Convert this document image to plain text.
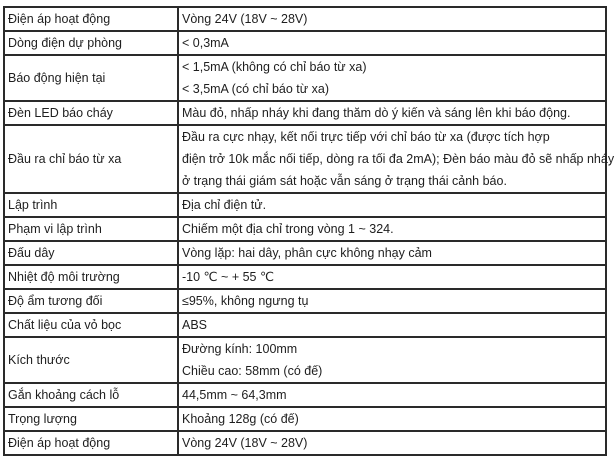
Điện áp hoạt động	Vòng 24V (18V ~ 28V)

Dòng điện dự phòng	< 0,3mA

Báo động hiện tại	< 1,5mA (không có chỉ báo từ xa)
< 3,5mA (có chỉ báo từ xa)

Đèn LED báo cháy	Màu đỏ, nhấp nháy khi đang thăm dò ý kiến và sáng lên khi báo động.

Đầu ra chỉ báo từ xa	Đầu ra cực nhạy, kết nối trực tiếp với chỉ báo từ xa (được tích hợp
điện trở 10k mắc nối tiếp, dòng ra tối đa 2mA); Đèn báo màu đỏ sẽ nhấp nháy
ở trạng thái giám sát hoặc vẫn sáng ở trạng thái cảnh báo.

Lập trình	Địa chỉ điện tử.

Phạm vi lập trình	Chiếm một địa chỉ trong vòng 1 ~ 324.

Đấu dây	Vòng lặp: hai dây, phân cực không nhạy cảm

Nhiệt độ môi trường	-10 ℃ ~ + 55 ℃

Độ ẩm tương đối	≤95%, không ngưng tụ

Chất liệu của vỏ bọc	ABS

Kích thước	Đường kính: 100mm
Chiều cao: 58mm (có đế)

Gắn khoảng cách lỗ	44,5mm ~ 64,3mm

Trọng lượng	Khoảng 128g (có đế)

Điện áp hoạt động	Vòng 24V (18V ~ 28V)
